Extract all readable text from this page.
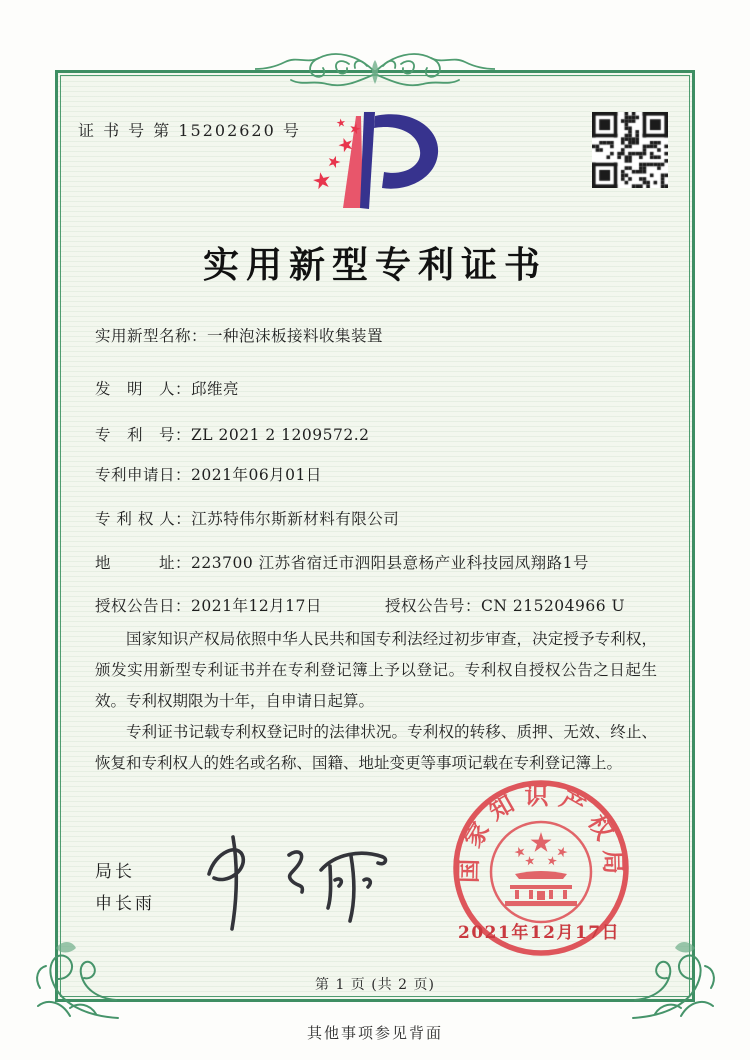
证 书 号 第 15202620 号
实用新型专利证书
实用新型名称：一种泡沫板接料收集装置
发　明　人：邱维亮
专　利　号：ZL 2021 2 1209572.2
专利申请日：2021年06月01日
专 利 权 人：江苏特伟尔斯新材料有限公司
地　　　址：223700 江苏省宿迁市泗阳县意杨产业科技园凤翔路1号
授权公告日：2021年12月17日	授权公告号：CN 215204966 U

国家知识产权局依照中华人民共和国专利法经过初步审查，决定授予专利权，颁发实用新型专利证书并在专利登记簿上予以登记。专利权自授权公告之日起生效。专利权期限为十年，自申请日起算。

专利证书记载专利权登记时的法律状况。专利权的转移、质押、无效、终止、恢复和专利权人的姓名或名称、国籍、地址变更等事项记载在专利登记簿上。

局长
申长雨
国家知识产权局
2021年12月17日
第 1 页 (共 2 页)
其他事项参见背面
